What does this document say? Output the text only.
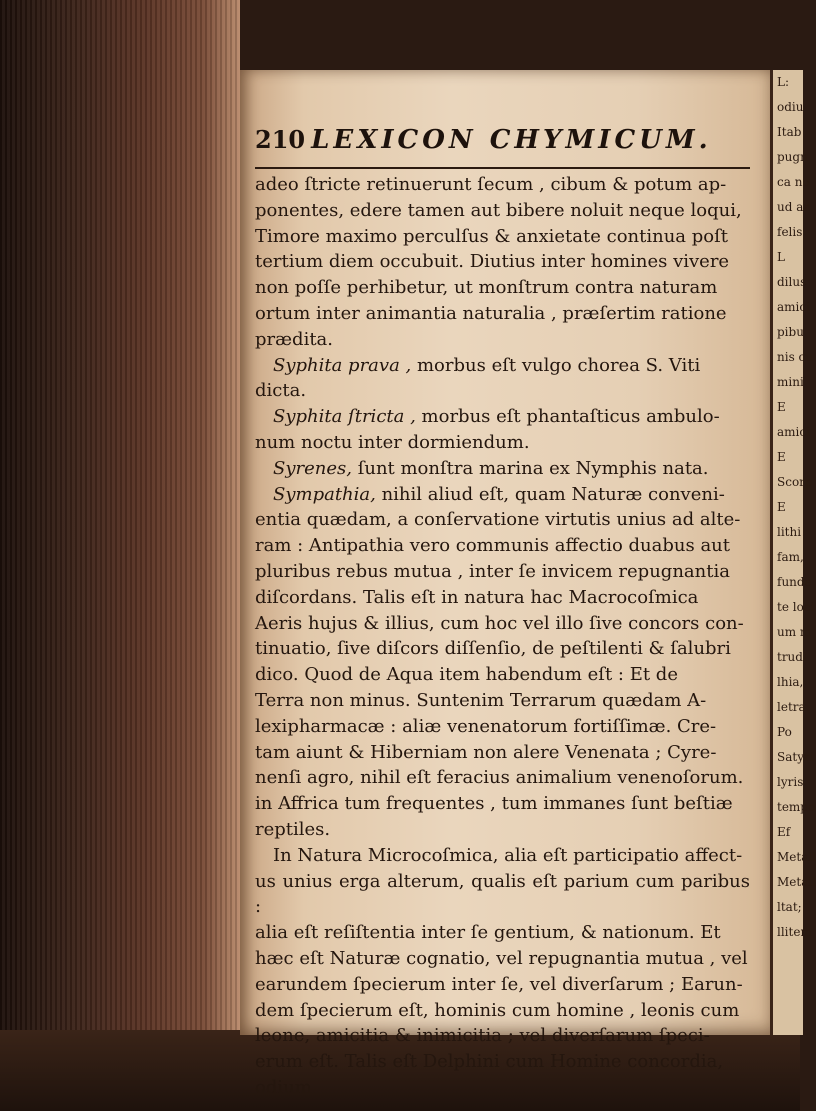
L:
odiu
Itab
pugn
ca no
ud ar
felis
L
dilus
amici
pibu
nis cu
mini
E
amici
E
Scorp
E
lithi
fam,
funde
te loci
um m
trudi
lhia,
letra.
Po
Satyri
lyris
tempo
Ef
Metall
Metall
ltat;
llitem
210 LEXICON CHYMICUM.

adeo ſtricte retinuerunt ſecum , cibum & potum ap-

ponentes, edere tamen aut bibere noluit neque loqui,

Timore maximo perculſus & anxietate continua poſt

tertium diem occubuit. Diutius inter homines vivere

non poſſe perhibetur, ut monſtrum contra naturam

ortum inter animantia naturalia , præſertim ratione

prædita.

Syphita prava , morbus eſt vulgo chorea S. Viti

dicta.

Syphita ſtricta , morbus eſt phantaſticus ambulo-

num noctu inter dormiendum.

Syrenes, ſunt monſtra marina ex Nymphis nata.

Sympathia, nihil aliud eſt, quam Naturæ conveni-

entia quædam, a conſervatione virtutis unius ad alte-

ram : Antipathia vero communis affectio duabus aut

pluribus rebus mutua , inter ſe invicem repugnantia

diſcordans. Talis eſt in natura hac Macrocoſmica

Aeris hujus & illius, cum hoc vel illo ſive concors con-

tinuatio, ſive diſcors diſſenſio, de peſtilenti & ſalubri

dico. Quod de Aqua item habendum eſt : Et de

Terra non minus. Suntenim Terrarum quædam A-

lexipharmacæ : aliæ venenatorum fortiſſimæ. Cre-

tam aiunt & Hiberniam non alere Venenata ; Cyre-

nenſi agro, nihil eſt feracius animalium venenoſorum.

in Affrica tum frequentes , tum immanes ſunt beſtiæ

reptiles.

In Natura Microcoſmica, alia eſt participatio affect-

us unius erga alterum, qualis eſt parium cum paribus :

alia eſt reſiſtentia inter ſe gentium, & nationum. Et

hæc eſt Naturæ cognatio, vel repugnantia mutua , vel

earundem ſpecierum inter ſe, vel diverſarum ; Earun-

dem ſpecierum eſt, hominis cum homine , leonis cum

leone, amicitia & inimicitia ; vel diverſarum ſpeci-

erum eſt. Talis eſt Delphini cum Homine concordia,

odium
